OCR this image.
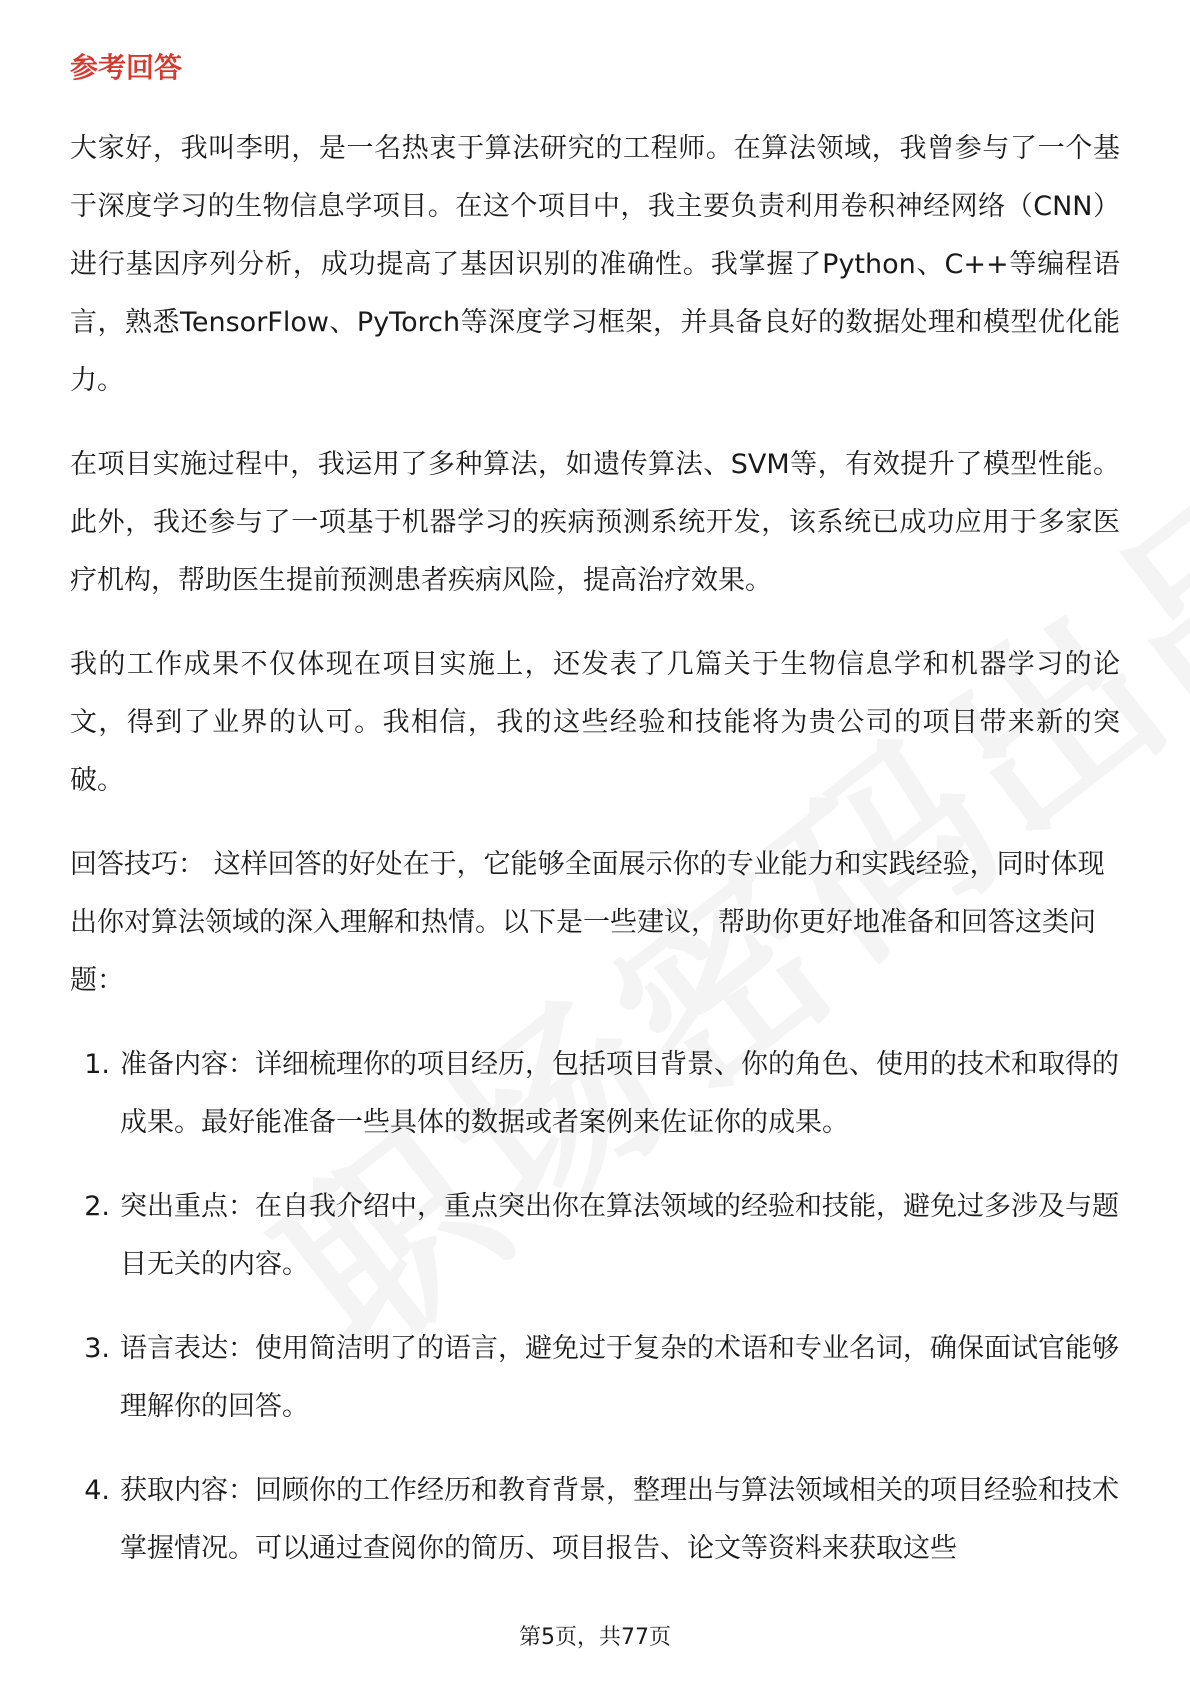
参考回答

大家好，我叫李明，是一名热衷于算法研究的工程师。在算法领域，我曾参与了一个基于深度学习的生物信息学项目。在这个项目中，我主要负责利用卷积神经网络（CNN）进行基因序列分析，成功提高了基因识别的准确性。我掌握了Python、C++等编程语言，熟悉TensorFlow、PyTorch等深度学习框架，并具备良好的数据处理和模型优化能力。

在项目实施过程中，我运用了多种算法，如遗传算法、SVM等，有效提升了模型性能。此外，我还参与了一项基于机器学习的疾病预测系统开发，该系统已成功应用于多家医疗机构，帮助医生提前预测患者疾病风险，提高治疗效果。

我的工作成果不仅体现在项目实施上，还发表了几篇关于生物信息学和机器学习的论文，得到了业界的认可。我相信，我的这些经验和技能将为贵公司的项目带来新的突破。

回答技巧： 这样回答的好处在于，它能够全面展示你的专业能力和实践经验，同时体现出你对算法领域的深入理解和热情。以下是一些建议，帮助你更好地准备和回答这类问题：

1. 准备内容：详细梳理你的项目经历，包括项目背景、你的角色、使用的技术和取得的成果。最好能准备一些具体的数据或者案例来佐证你的成果。
2. 突出重点：在自我介绍中，重点突出你在算法领域的经验和技能，避免过多涉及与题目无关的内容。
3. 语言表达：使用简洁明了的语言，避免过于复杂的术语和专业名词，确保面试官能够理解你的回答。
4. 获取内容：回顾你的工作经历和教育背景，整理出与算法领域相关的项目经验和技术掌握情况。可以通过查阅你的简历、项目报告、论文等资料来获取这些
第5页，共77页
